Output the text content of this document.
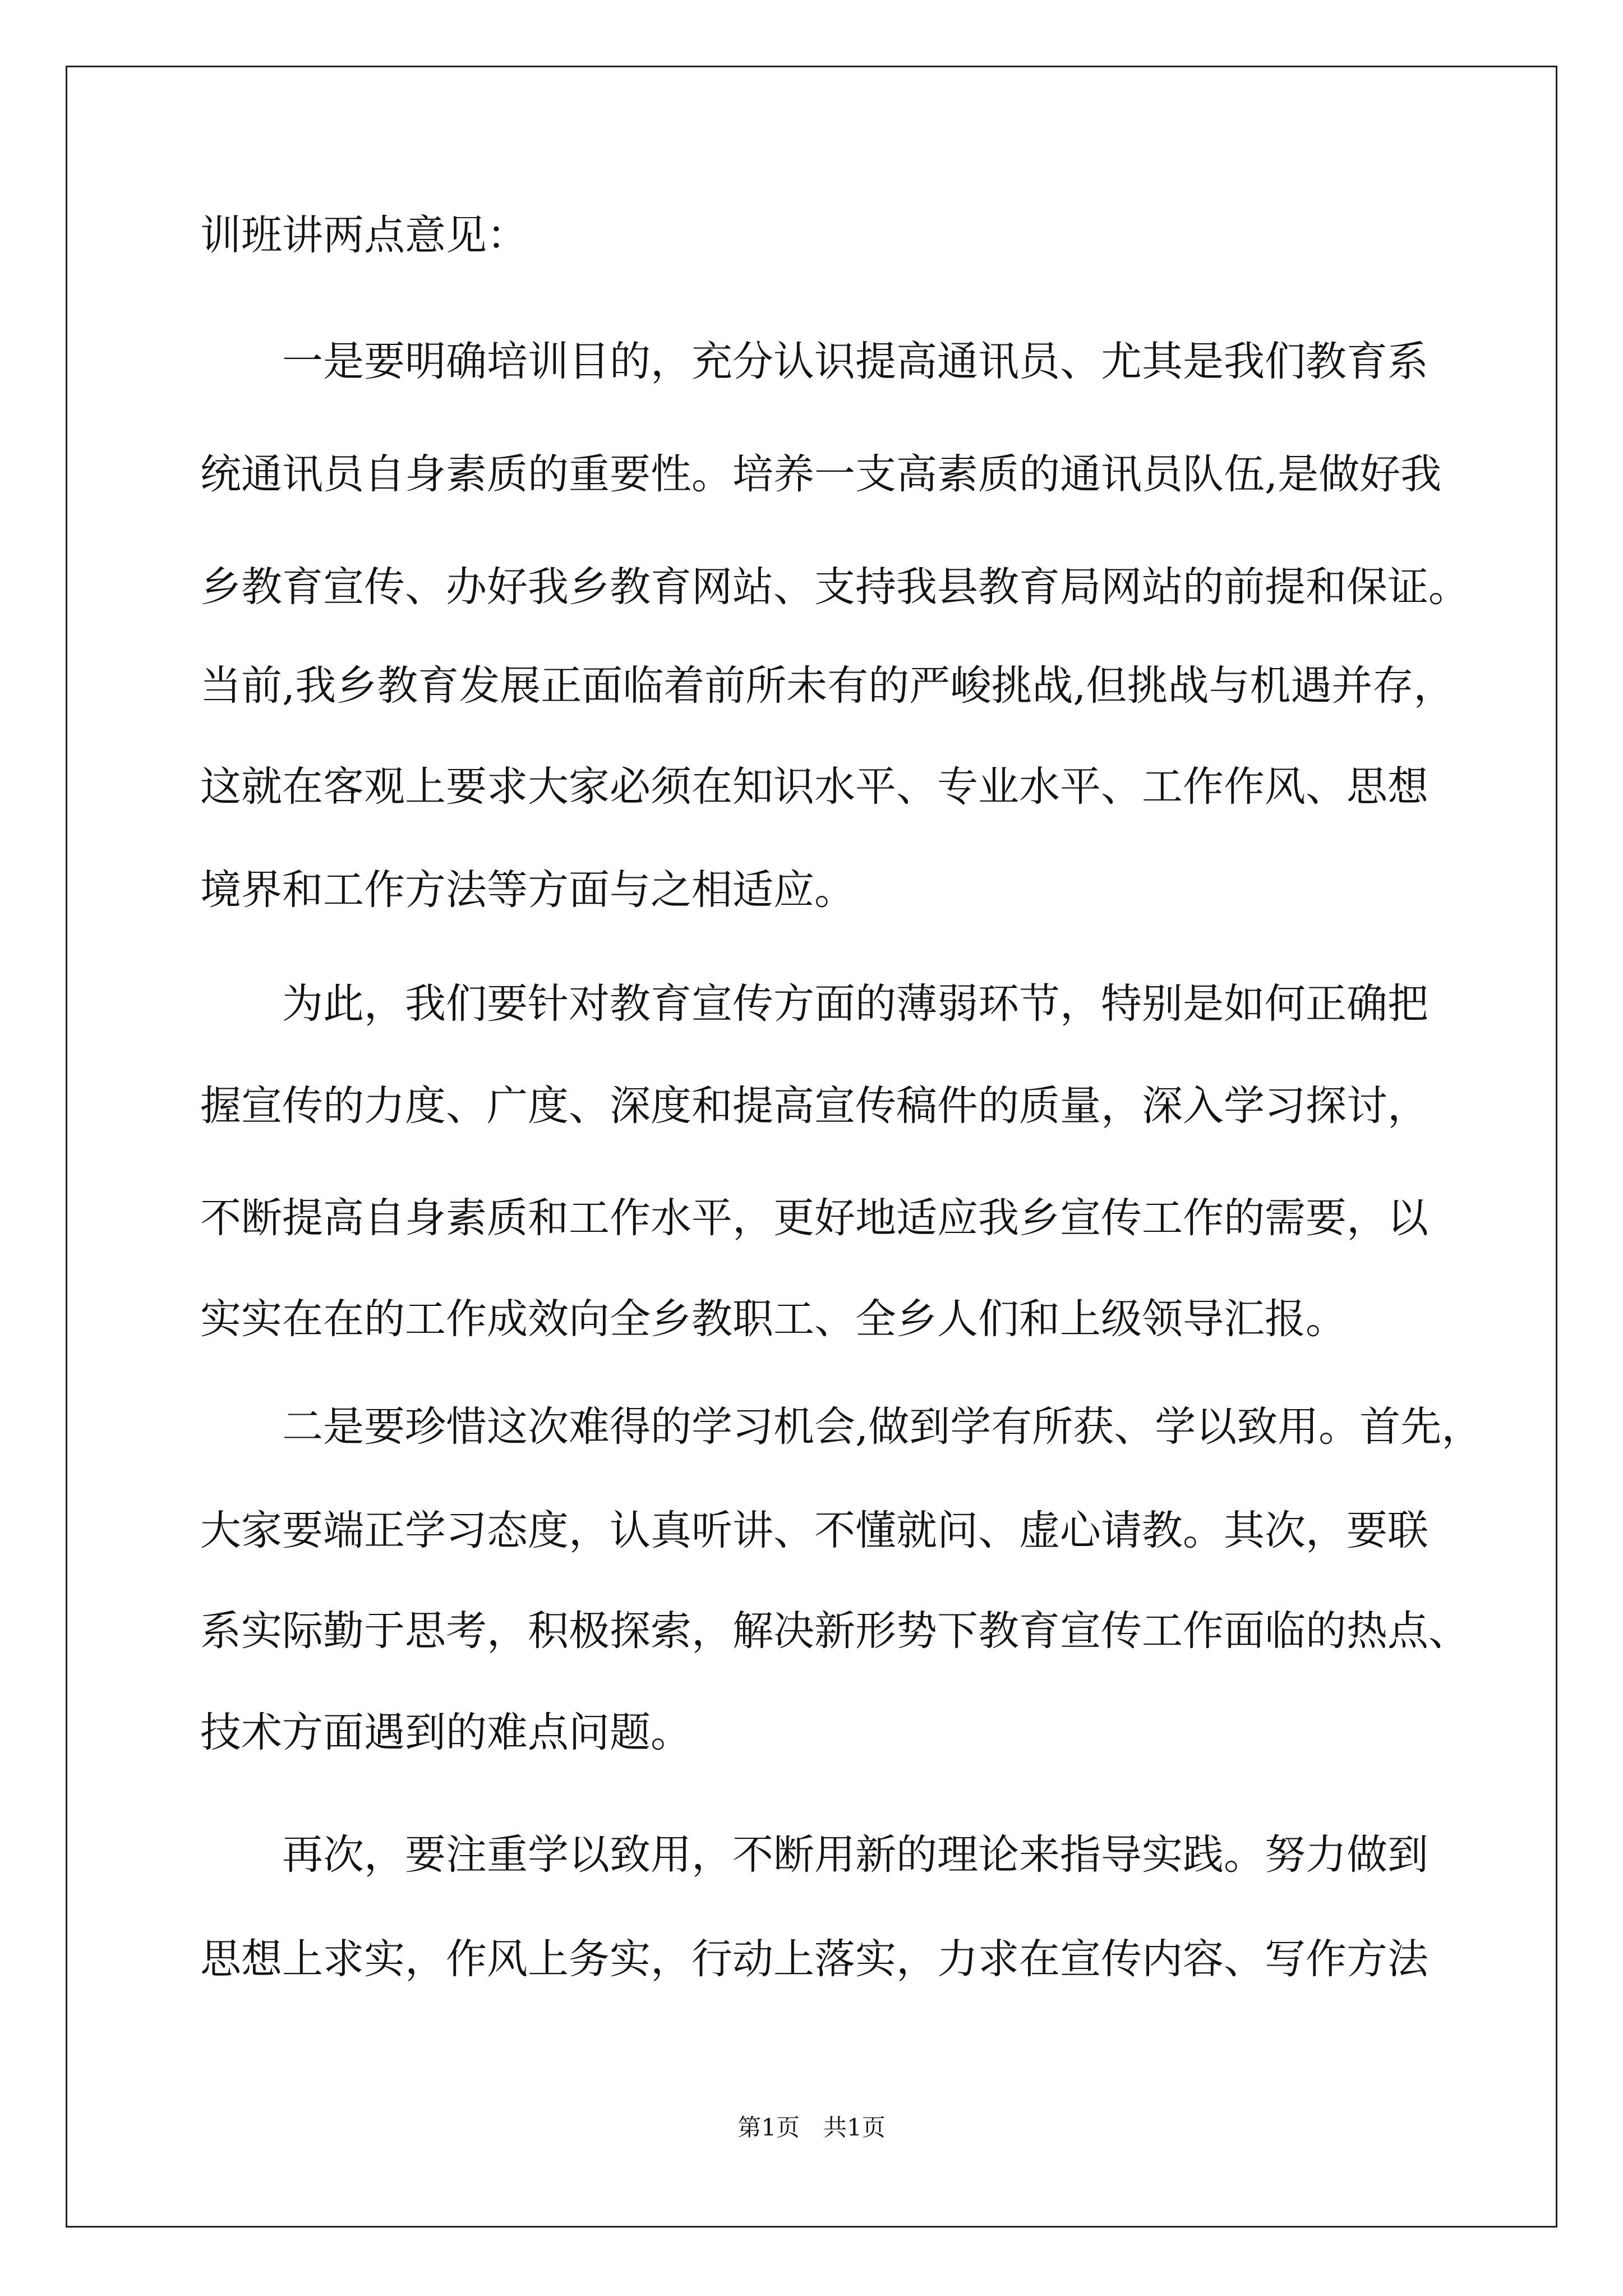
训班讲两点意见：
　　一是要明确培训目的，充分认识提高通讯员、尤其是我们教育系
统通讯员自身素质的重要性。培养一支高素质的通讯员队伍,是做好我
乡教育宣传、办好我乡教育网站、支持我县教育局网站的前提和保证。
当前,我乡教育发展正面临着前所未有的严峻挑战,但挑战与机遇并存，
这就在客观上要求大家必须在知识水平、专业水平、工作作风、思想
境界和工作方法等方面与之相适应。
　　为此，我们要针对教育宣传方面的薄弱环节，特别是如何正确把
握宣传的力度、广度、深度和提高宣传稿件的质量，深入学习探讨，
不断提高自身素质和工作水平，更好地适应我乡宣传工作的需要，以
实实在在的工作成效向全乡教职工、全乡人们和上级领导汇报。
　　二是要珍惜这次难得的学习机会,做到学有所获、学以致用。首先，
大家要端正学习态度，认真听讲、不懂就问、虚心请教。其次，要联
系实际勤于思考，积极探索，解决新形势下教育宣传工作面临的热点、
技术方面遇到的难点问题。
　　再次，要注重学以致用，不断用新的理论来指导实践。努力做到
思想上求实，作风上务实，行动上落实，力求在宣传内容、写作方法
第1页　共1页
